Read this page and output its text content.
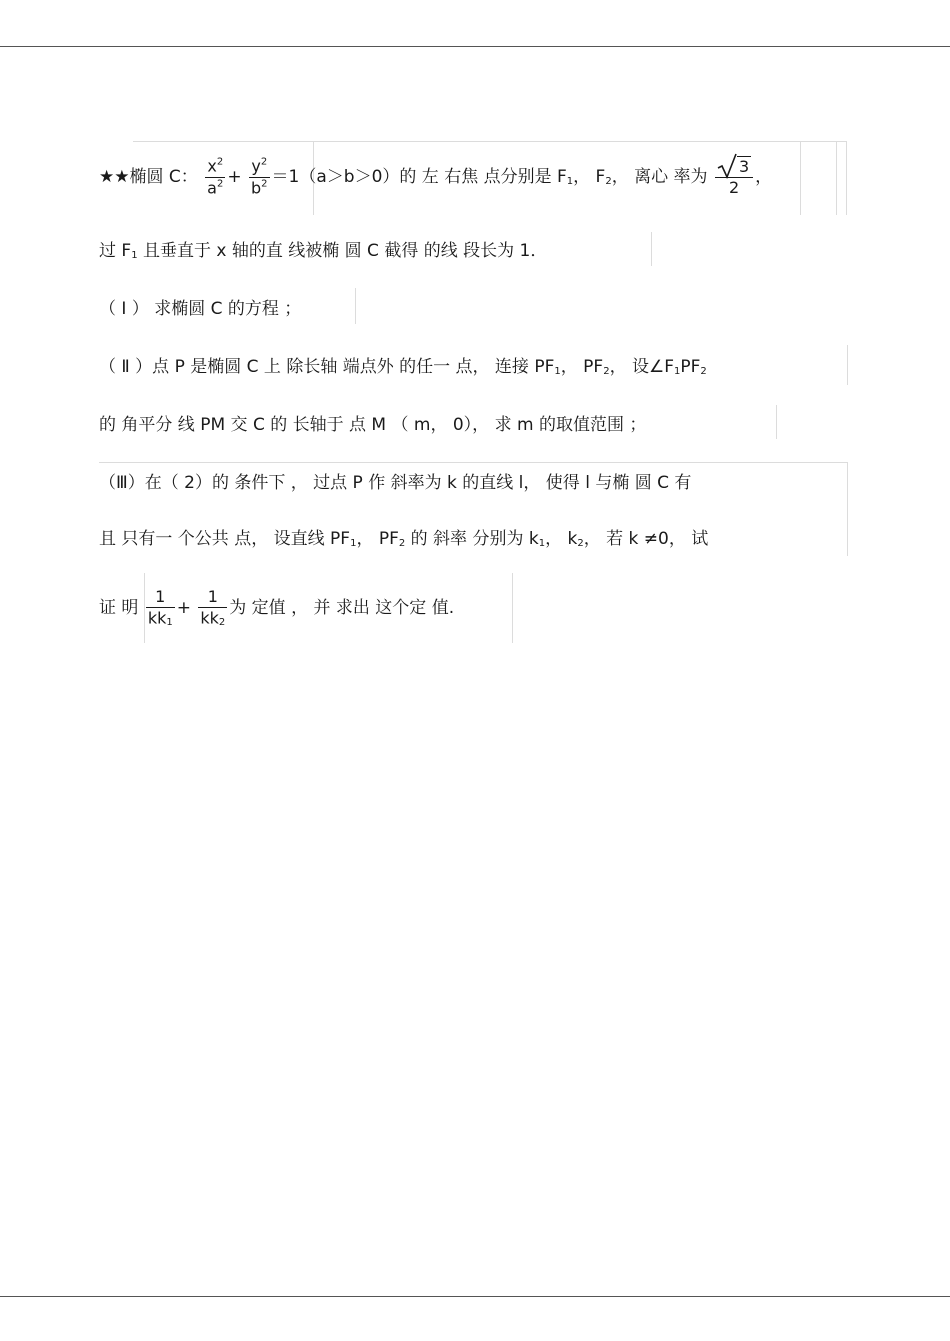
★★椭圆 C： $\frac{x^2}{a^2} + \frac{y^2}{b^2} =1(a>b>0)$的 左 右焦 点分别是 $F_1$， $F_2$， 离心 率为 $\frac{3}{2}$ ，
过 $F_1$ 且垂直于 x 轴的直 线被椭 圆 C 截得 的线 段长为 1．
（ Ⅰ ） 求椭圆 C 的方程 ；
（ Ⅱ ）点 P 是椭圆 C 上 除长轴 端点外 的任一 点， 连接 $PF_1$， $PF_2$， 设$\angle F_1PF_2$
的 角平分 线 PM 交 C 的 长轴于 点 M （ m， 0）， 求 m 的取值范围 ；
（Ⅲ）在（ 2）的 条件下 ， 过点 P 作 斜率为 k 的直线 l， 使得 l 与椭 圆 C 有
且 只有一 个公共 点， 设直线 $PF_1$， $PF_2$ 的 斜率 分别为 $k_1$， $k_2$， 若 k ≠0， 试
证 明 $\frac{1}{kk_1} + \frac{1}{kk_2}$ 为 定值 ， 并 求出 这个定 值.
